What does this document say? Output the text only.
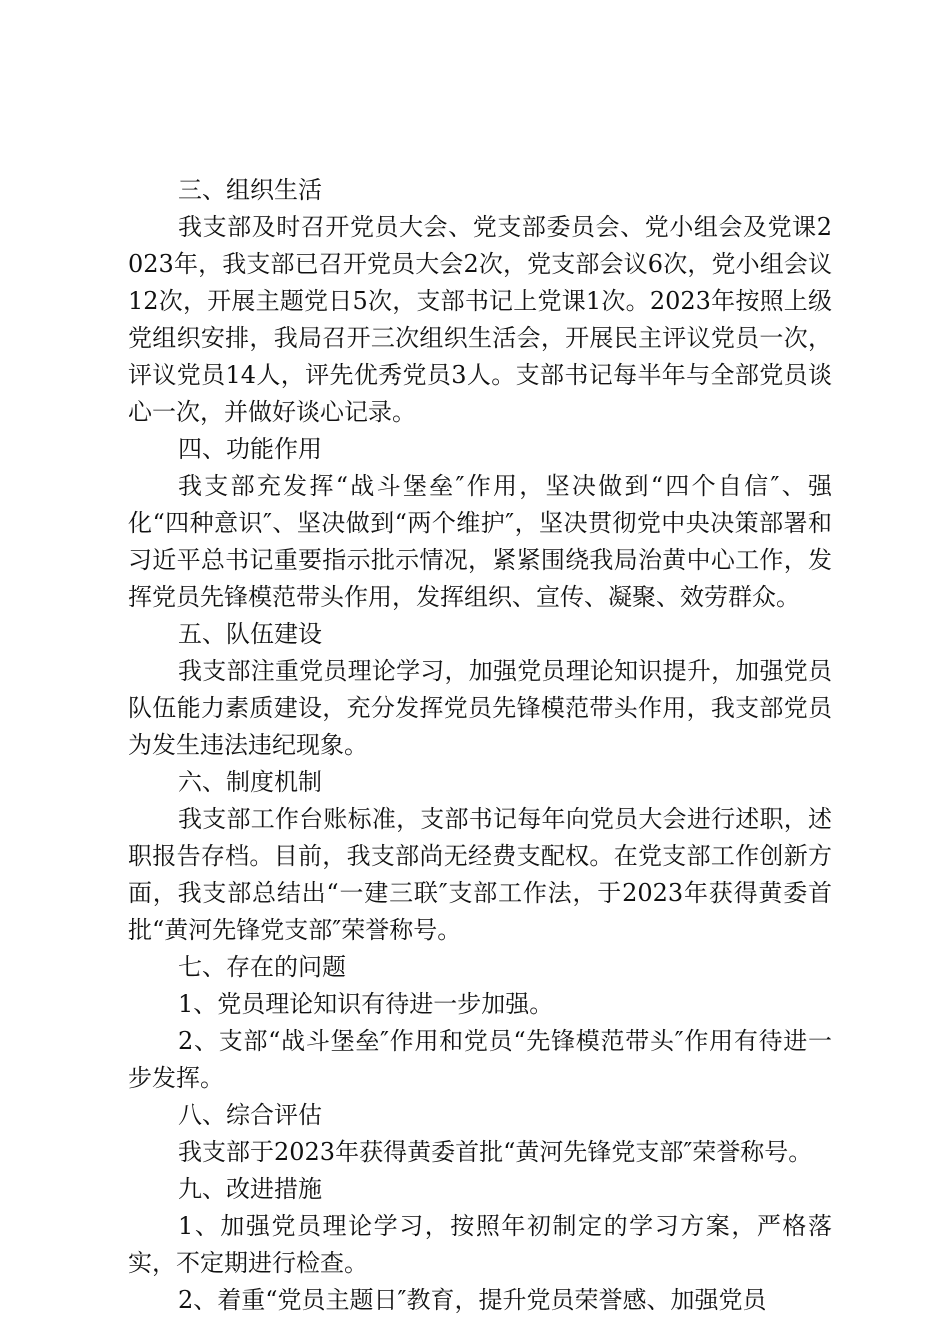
三、组织生活

我支部及时召开党员大会、党支部委员会、党小组会及党课2023年，我支部已召开党员大会2次，党支部会议6次，党小组会议12次，开展主题党日5次，支部书记上党课1次。2023年按照上级党组织安排，我局召开三次组织生活会，开展民主评议党员一次，评议党员14人，评先优秀党员3人。支部书记每半年与全部党员谈心一次，并做好谈心记录。

四、功能作用

我支部充发挥“战斗堡垒″作用，坚决做到“四个自信″、强化“四种意识″、坚决做到“两个维护″，坚决贯彻党中央决策部署和习近平总书记重要指示批示情况，紧紧围绕我局治黄中心工作，发挥党员先锋模范带头作用，发挥组织、宣传、凝聚、效劳群众。

五、队伍建设

我支部注重党员理论学习，加强党员理论知识提升，加强党员队伍能力素质建设，充分发挥党员先锋模范带头作用，我支部党员为发生违法违纪现象。

六、制度机制

我支部工作台账标准，支部书记每年向党员大会进行述职，述职报告存档。目前，我支部尚无经费支配权。在党支部工作创新方面，我支部总结出“一建三联″支部工作法，于2023年获得黄委首批“黄河先锋党支部″荣誉称号。

七、存在的问题

1、党员理论知识有待进一步加强。

2、支部“战斗堡垒″作用和党员“先锋模范带头″作用有待进一步发挥。

八、综合评估

我支部于2023年获得黄委首批“黄河先锋党支部″荣誉称号。

九、改进措施

1、加强党员理论学习，按照年初制定的学习方案，严格落实，不定期进行检查。

2、着重“党员主题日″教育，提升党员荣誉感、加强党员
